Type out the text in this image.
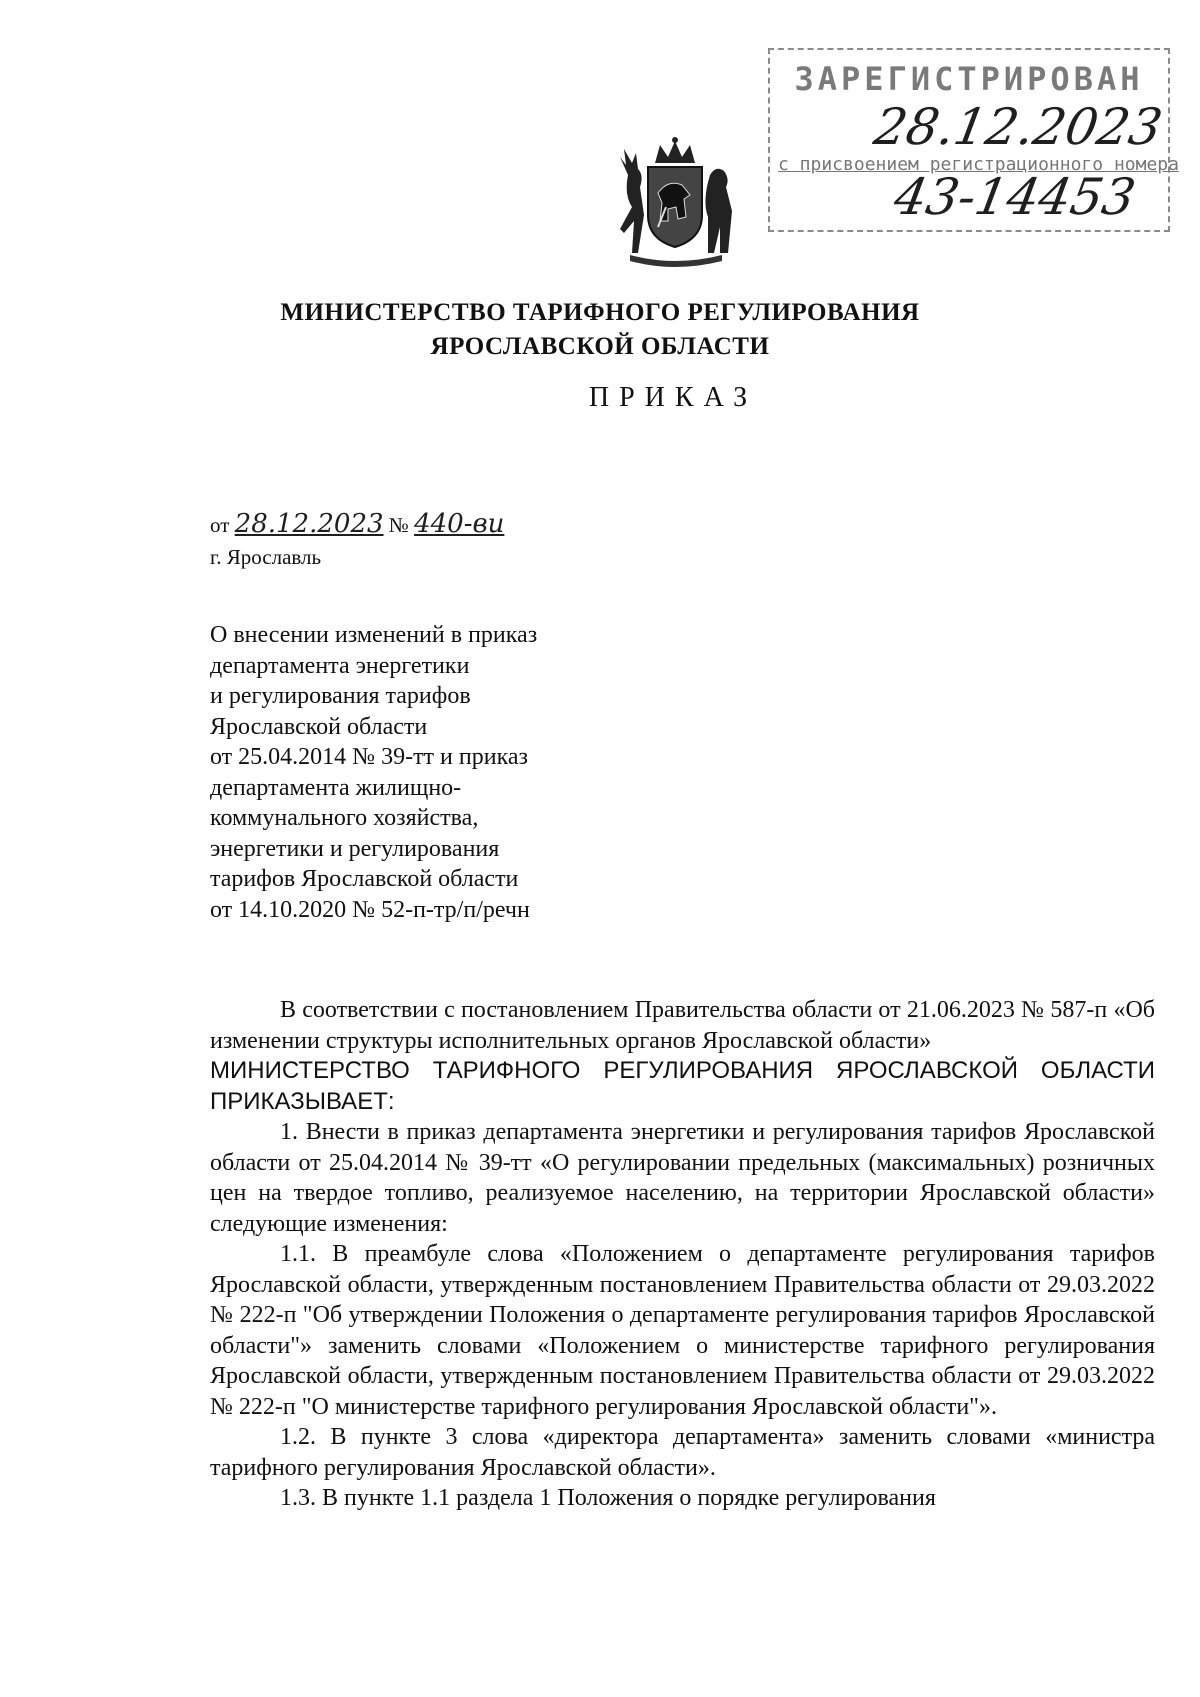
ЗАРЕГИСТРИРОВАН
28.12.2023
с присвоением регистрационного номера
43-14453
МИНИСТЕРСТВО ТАРИФНОГО РЕГУЛИРОВАНИЯ
ЯРОСЛАВСКОЙ ОБЛАСТИ
ПРИКАЗ
от 28.12.2023 № 440-ви
г. Ярославль
О внесении изменений в приказ
департамента энергетики
и регулирования тарифов
Ярославской области
от 25.04.2014 № 39-тт и приказ
департамента жилищно-
коммунального хозяйства,
энергетики и регулирования
тарифов Ярославской области
от 14.10.2020 № 52-п-тр/п/речн

В соответствии с постановлением Правительства области от 21.06.2023 № 587-п «Об изменении структуры исполнительных органов Ярославской области»

МИНИСТЕРСТВО ТАРИФНОГО РЕГУЛИРОВАНИЯ ЯРОСЛАВСКОЙ ОБЛАСТИ ПРИКАЗЫВАЕТ:

1. Внести в приказ департамента энергетики и регулирования тарифов Ярославской области от 25.04.2014 № 39-тт «О регулировании предельных (максимальных) розничных цен на твердое топливо, реализуемое населению, на территории Ярославской области» следующие изменения:

1.1. В преамбуле слова «Положением о департаменте регулирования тарифов Ярославской области, утвержденным постановлением Правительства области от 29.03.2022 № 222-п "Об утверждении Положения о департаменте регулирования тарифов Ярославской области"» заменить словами «Положением о министерстве тарифного регулирования Ярославской области, утвержденным постановлением Правительства области от 29.03.2022 № 222-п "О министерстве тарифного регулирования Ярославской области"».

1.2. В пункте 3 слова «директора департамента» заменить словами «министра тарифного регулирования Ярославской области».

1.3. В пункте 1.1 раздела 1 Положения о порядке регулирования
